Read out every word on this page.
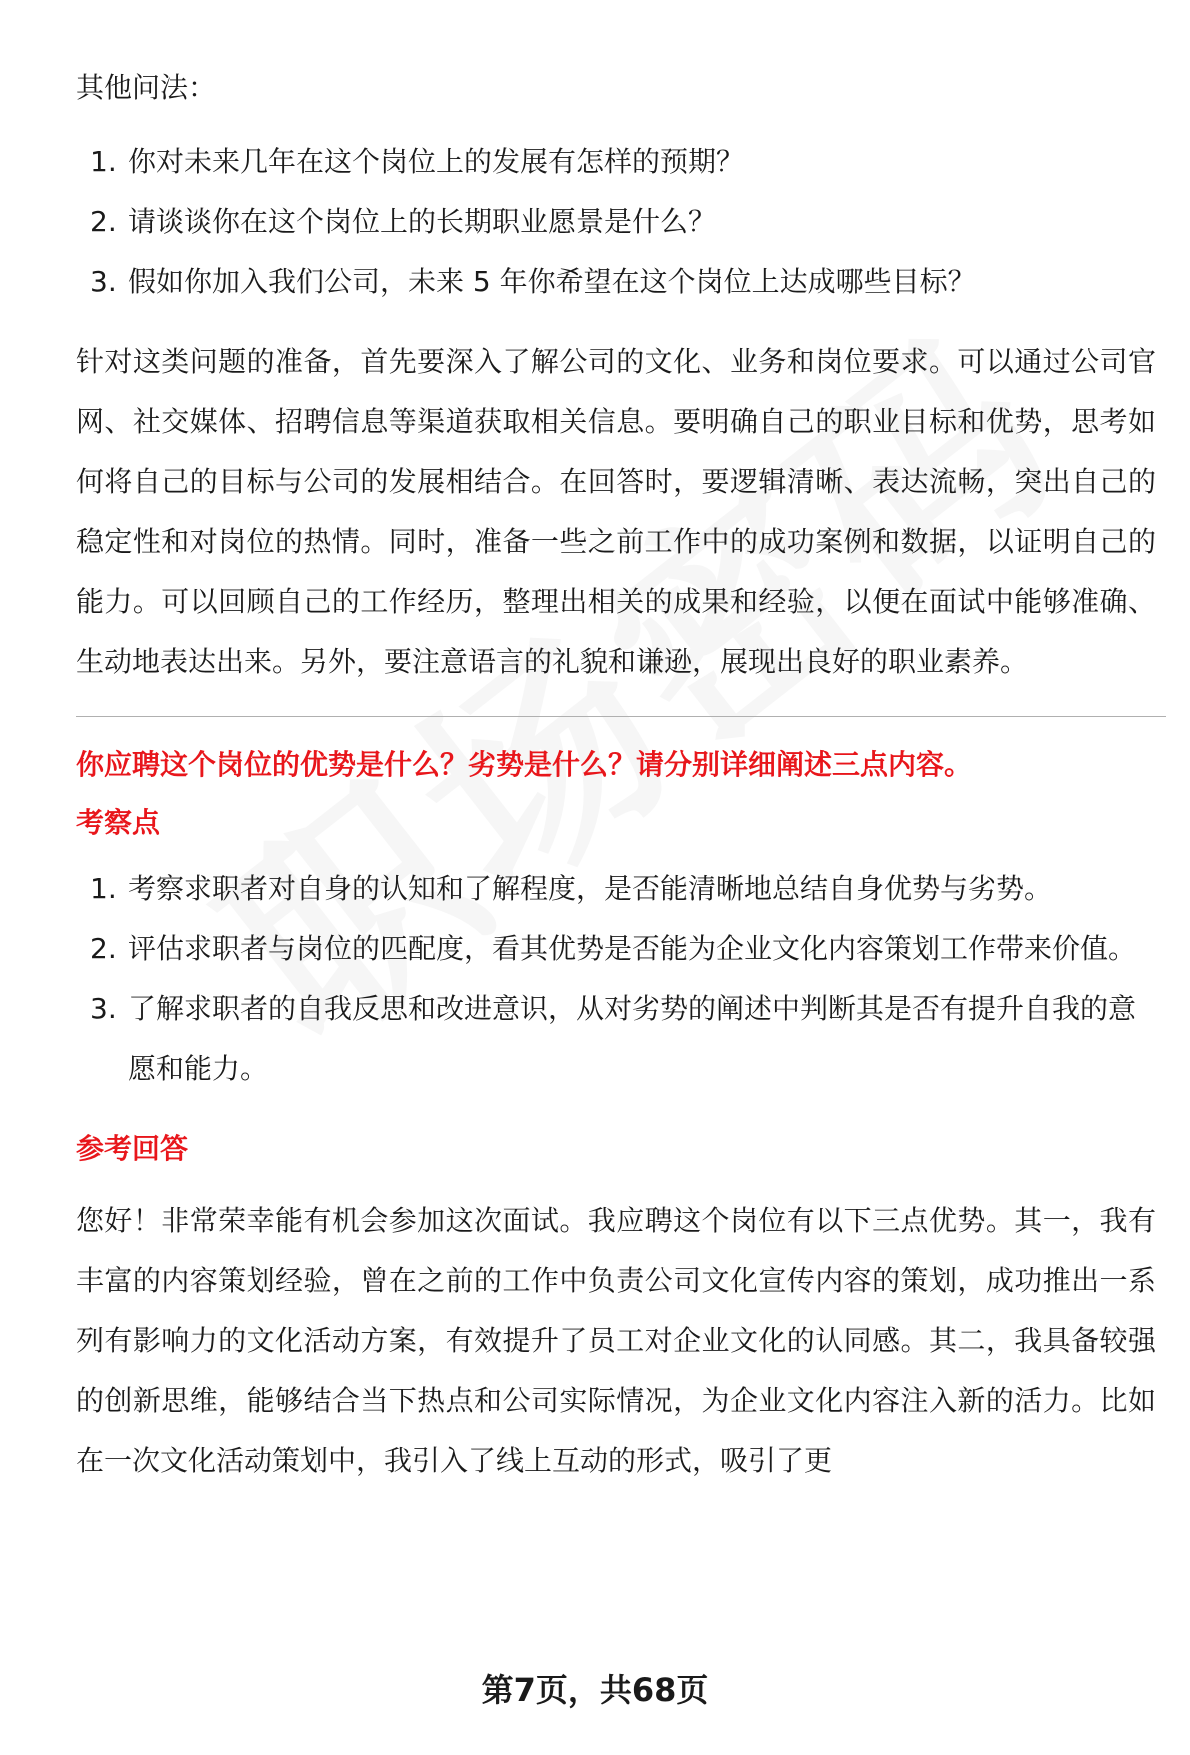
其他问法：

1. 你对未来几年在这个岗位上的发展有怎样的预期？
2. 请谈谈你在这个岗位上的长期职业愿景是什么？
3. 假如你加入我们公司，未来 5 年你希望在这个岗位上达成哪些目标？

针对这类问题的准备，首先要深入了解公司的文化、业务和岗位要求。可以通过公司官网、社交媒体、招聘信息等渠道获取相关信息。要明确自己的职业目标和优势，思考如何将自己的目标与公司的发展相结合。在回答时，要逻辑清晰、表达流畅，突出自己的稳定性和对岗位的热情。同时，准备一些之前工作中的成功案例和数据，以证明自己的能力。可以回顾自己的工作经历，整理出相关的成果和经验，以便在面试中能够准确、生动地表达出来。另外，要注意语言的礼貌和谦逊，展现出良好的职业素养。

你应聘这个岗位的优势是什么？劣势是什么？请分别详细阐述三点内容。

考察点

1. 考察求职者对自身的认知和了解程度，是否能清晰地总结自身优势与劣势。
2. 评估求职者与岗位的匹配度，看其优势是否能为企业文化内容策划工作带来价值。
3. 了解求职者的自我反思和改进意识，从对劣势的阐述中判断其是否有提升自我的意愿和能力。

参考回答

您好！非常荣幸能有机会参加这次面试。我应聘这个岗位有以下三点优势。其一，我有丰富的内容策划经验，曾在之前的工作中负责公司文化宣传内容的策划，成功推出一系列有影响力的文化活动方案，有效提升了员工对企业文化的认同感。其二，我具备较强的创新思维，能够结合当下热点和公司实际情况，为企业文化内容注入新的活力。比如在一次文化活动策划中，我引入了线上互动的形式，吸引了更

第7页，共68页
